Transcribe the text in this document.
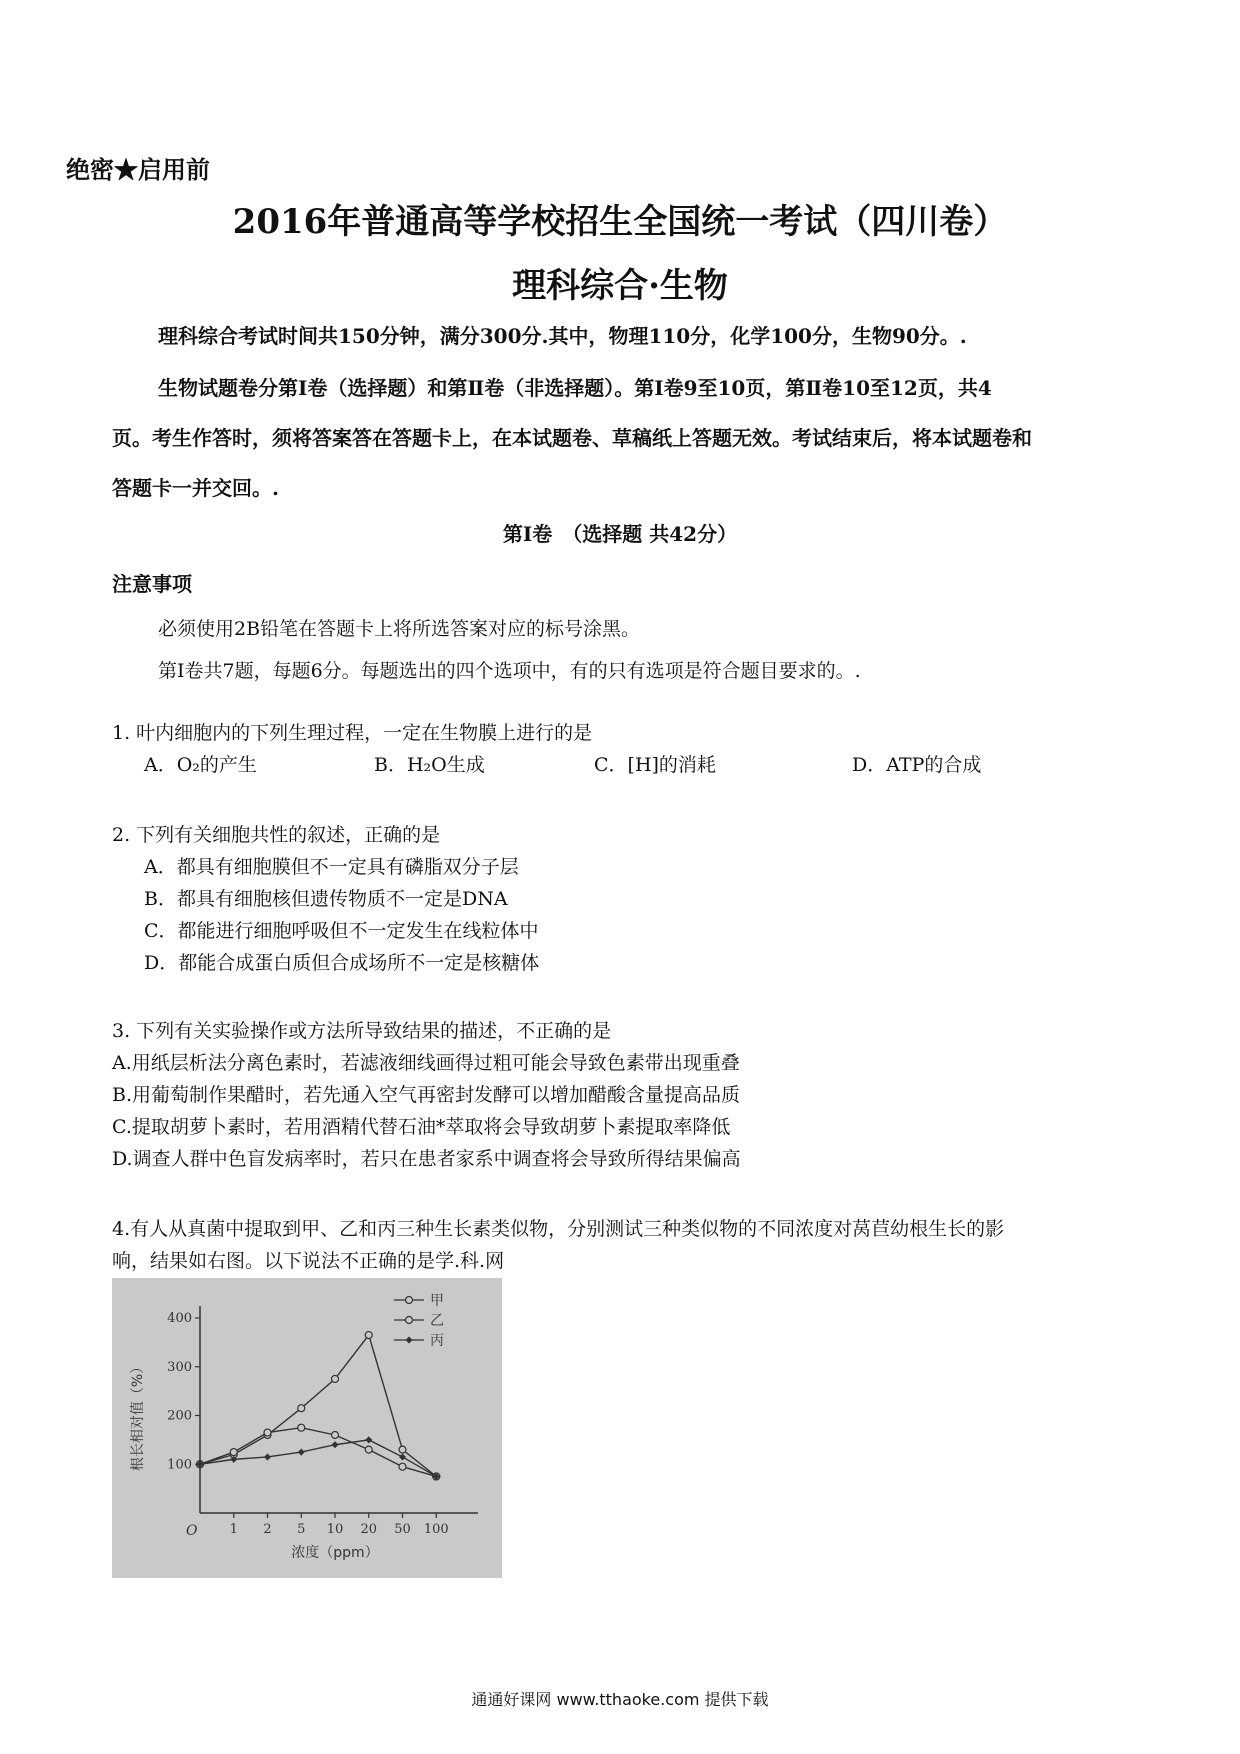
绝密★启用前
2016年普通高等学校招生全国统一考试（四川卷）
理科综合·生物
理科综合考试时间共150分钟，满分300分.其中，物理110分，化学100分，生物90分。.
生物试题卷分第Ⅰ卷（选择题）和第Ⅱ卷（非选择题）。第Ⅰ卷9至10页，第Ⅱ卷10至12页，共4
页。考生作答时，须将答案答在答题卡上，在本试题卷、草稿纸上答题无效。考试结束后，将本试题卷和
答题卡一并交回。.
第Ⅰ卷　（选择题 共42分）
注意事项
必须使用2B铅笔在答题卡上将所选答案对应的标号涂黑。
第Ⅰ卷共7题，每题6分。每题选出的四个选项中，有的只有选项是符合题目要求的。.
1. 叶内细胞内的下列生理过程，一定在生物膜上进行的是
A．O₂的产生	B．H₂O生成	C．[H]的消耗	D．ATP的合成
2. 下列有关细胞共性的叙述，正确的是
A．都具有细胞膜但不一定具有磷脂双分子层
B．都具有细胞核但遗传物质不一定是DNA
C．都能进行细胞呼吸但不一定发生在线粒体中
D．都能合成蛋白质但合成场所不一定是核糖体
3. 下列有关实验操作或方法所导致结果的描述，不正确的是
A.用纸层析法分离色素时，若滤液细线画得过粗可能会导致色素带出现重叠
B.用葡萄制作果醋时，若先通入空气再密封发酵可以增加醋酸含量提高品质
C.提取胡萝卜素时，若用酒精代替石油*萃取将会导致胡萝卜素提取率降低
D.调查人群中色盲发病率时，若只在患者家系中调查将会导致所得结果偏高
4.有人从真菌中提取到甲、乙和丙三种生长素类似物，分别测试三种类似物的不同浓度对莴苣幼根生长的影
响，结果如右图。以下说法不正确的是学.科.网
O
100
200
300
400
1 2 5 10 20 50 100
浓度（ppm）
根长相对值（%）
甲
乙
丙
通通好课网 www.tthaoke.com 提供下载
